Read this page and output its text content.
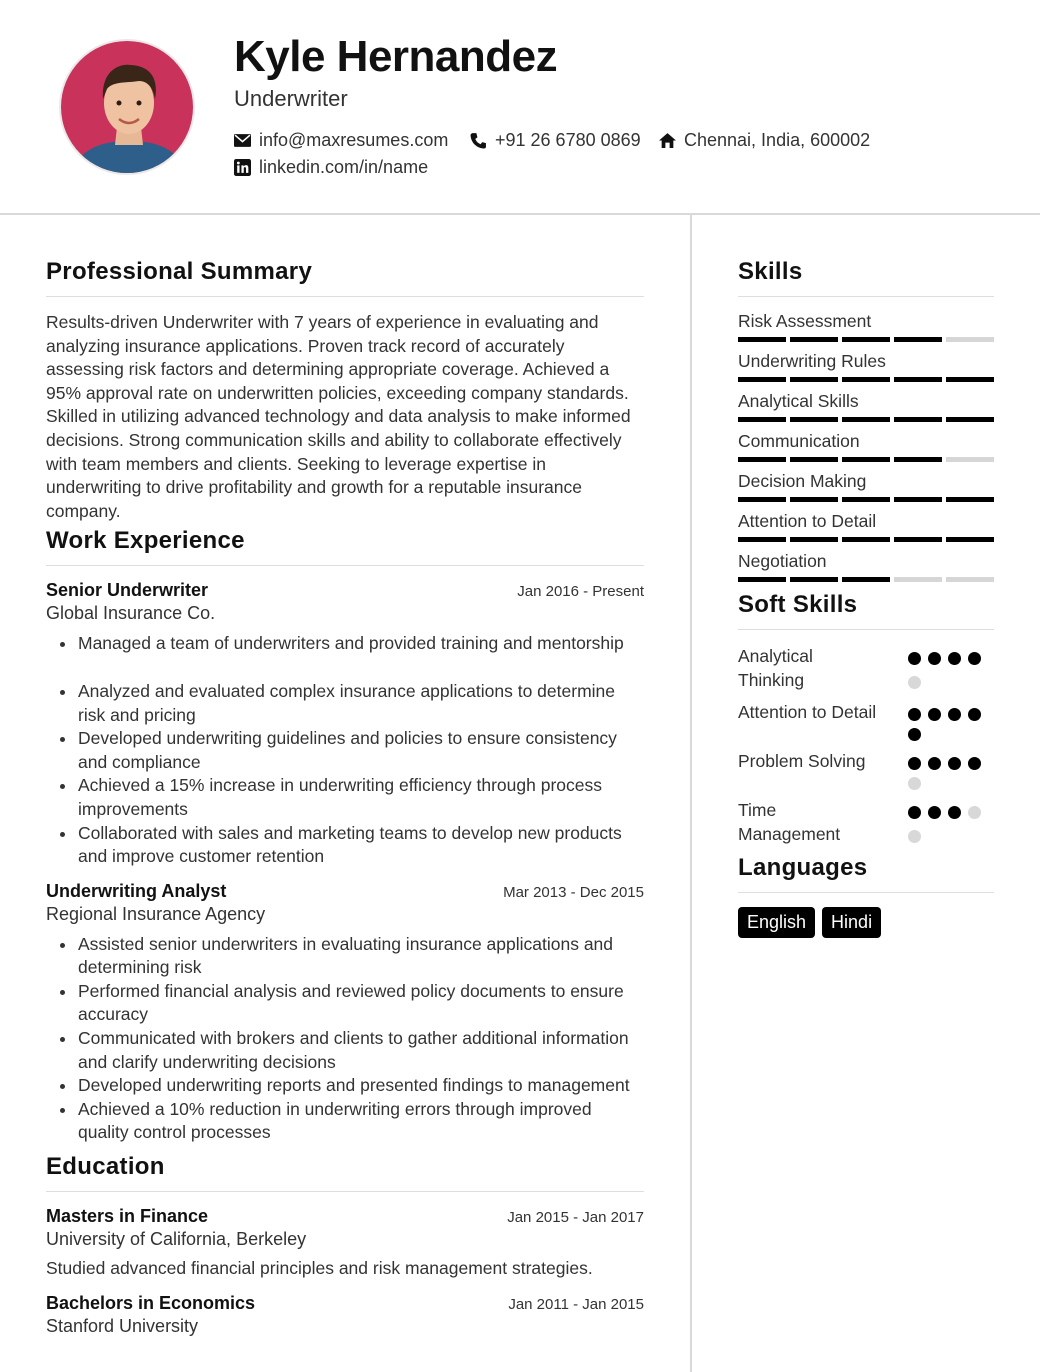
Kyle Hernandez
Underwriter
info@maxresumes.com	+91 26 6780 0869 Chennai, India, 600002
linkedin.com/in/name
Professional Summary

Results-driven Underwriter with 7 years of experience in evaluating and analyzing insurance applications. Proven track record of accurately assessing risk factors and determining appropriate coverage. Achieved a 95% approval rate on underwritten policies, exceeding company standards. Skilled in utilizing advanced technology and data analysis to make informed decisions. Strong communication skills and ability to collaborate effectively with team members and clients. Seeking to leverage expertise in underwriting to drive profitability and growth for a reputable insurance company.

Work Experience
Senior Underwriter	Jan 2016 - Present
Global Insurance Co.
Managed a team of underwriters and provided training and mentorship
Analyzed and evaluated complex insurance applications to determine risk and pricing
Developed underwriting guidelines and policies to ensure consistency and compliance
Achieved a 15% increase in underwriting efficiency through process improvements
Collaborated with sales and marketing teams to develop new products and improve customer retention
Underwriting Analyst	Mar 2013 - Dec 2015
Regional Insurance Agency
Assisted senior underwriters in evaluating insurance applications and determining risk
Performed financial analysis and reviewed policy documents to ensure accuracy
Communicated with brokers and clients to gather additional information and clarify underwriting decisions
Developed underwriting reports and presented findings to management
Achieved a 10% reduction in underwriting errors through improved quality control processes
Education
Masters in Finance	Jan 2015 - Jan 2017
University of California, Berkeley
Studied advanced financial principles and risk management strategies.
Bachelors in Economics	Jan 2011 - Jan 2015
Stanford University
Skills
Risk Assessment
Underwriting Rules
Analytical Skills
Communication
Decision Making
Attention to Detail
Negotiation
Soft Skills
Analytical Thinking
Attention to Detail
Problem Solving
Time Management
Languages
English	Hindi
